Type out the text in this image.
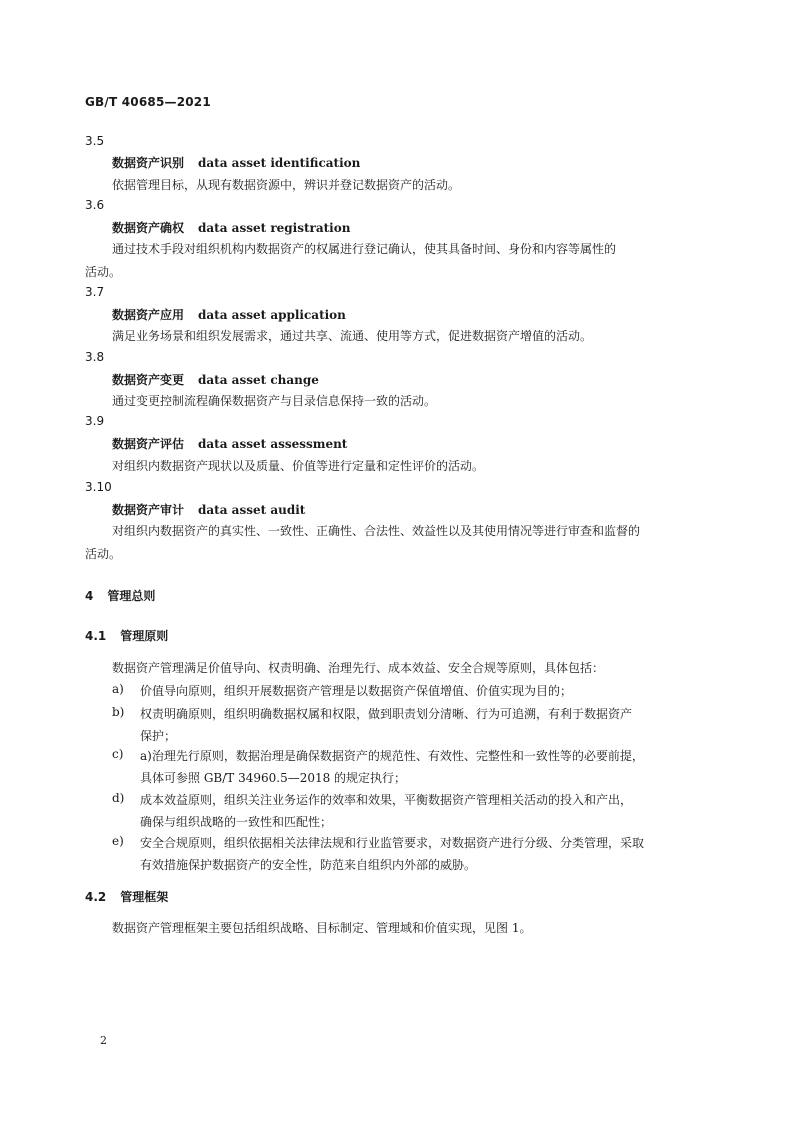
GB/T 40685—2021
3.5
数据资产识别 data asset identification
依据管理目标，从现有数据资源中，辨识并登记数据资产的活动。
3.6
数据资产确权 data asset registration
通过技术手段对组织机构内数据资产的权属进行登记确认，使其具备时间、身份和内容等属性的
活动。
3.7
数据资产应用 data asset application
满足业务场景和组织发展需求，通过共享、流通、使用等方式，促进数据资产增值的活动。
3.8
数据资产变更 data asset change
通过变更控制流程确保数据资产与目录信息保持一致的活动。
3.9
数据资产评估 data asset assessment
对组织内数据资产现状以及质量、价值等进行定量和定性评价的活动。
3.10
数据资产审计 data asset audit
对组织内数据资产的真实性、一致性、正确性、合法性、效益性以及其使用情况等进行审查和监督的
活动。
4 管理总则
4.1 管理原则
数据资产管理满足价值导向、权责明确、治理先行、成本效益、安全合规等原则，具体包括：
a) 价值导向原则，组织开展数据资产管理是以数据资产保值增值、价值实现为目的；
b) 权责明确原则，组织明确数据权属和权限，做到职责划分清晰、行为可追溯，有利于数据资产
保护；
c) a)治理先行原则，数据治理是确保数据资产的规范性、有效性、完整性和一致性等的必要前提，
具体可参照 GB/T 34960.5—2018 的规定执行；
d) 成本效益原则，组织关注业务运作的效率和效果，平衡数据资产管理相关活动的投入和产出，
确保与组织战略的一致性和匹配性；
e) 安全合规原则，组织依据相关法律法规和行业监管要求，对数据资产进行分级、分类管理，采取
有效措施保护数据资产的安全性，防范来自组织内外部的威胁。
4.2 管理框架
数据资产管理框架主要包括组织战略、目标制定、管理域和价值实现，见图 1。
2
